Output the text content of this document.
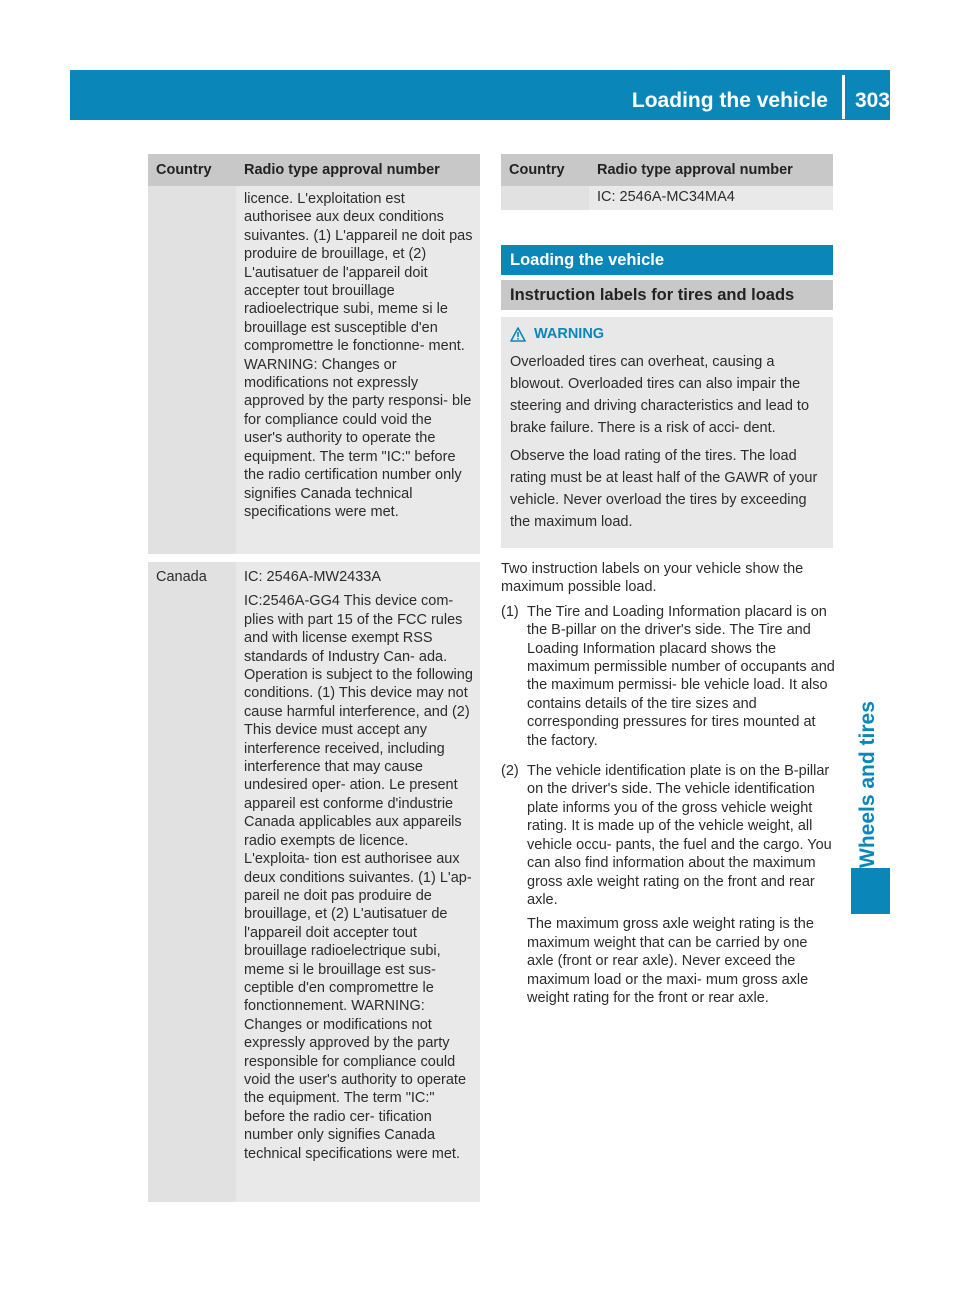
Loading the vehicle 303
Wheels and tires
Country	Radio type approval number

	licence. L'exploitation est authorisee aux deux conditions suivantes. (1) L'appareil ne doit pas produire de brouillage, et (2) L'autisatuer de l'appareil doit accepter tout brouillage radioelectrique subi, meme si le brouillage est susceptible d'en compromettre le fonctionne- ment. WARNING: Changes or modifications not expressly approved by the party responsi- ble for compliance could void the user's authority to operate the equipment. The term "IC:" before the radio certification number only signifies Canada technical specifications were met.

Canada	IC: 2546A-MW2433A
IC:2546A-GG4 This device com- plies with part 15 of the FCC rules and with license exempt RSS standards of Industry Can- ada. Operation is subject to the following conditions. (1) This device may not cause harmful interference, and (2) This device must accept any interference received, including interference that may cause undesired oper- ation. Le present appareil est conforme d'industrie Canada applicables aux appareils radio exempts de licence. L'exploita- tion est authorisee aux deux conditions suivantes. (1) L'ap- pareil ne doit pas produire de brouillage, et (2) L'autisatuer de l'appareil doit accepter tout brouillage radioelectrique subi, meme si le brouillage est sus- ceptible d'en compromettre le fonctionnement. WARNING: Changes or modifications not expressly approved by the party responsible for compliance could void the user's authority to operate the equipment. The term "IC:" before the radio cer- tification number only signifies Canada technical specifications were met.
Country	Radio type approval number
	IC: 2546A-MC34MA4
Loading the vehicle
Instruction labels for tires and loads
WARNING

Overloaded tires can overheat, causing a blowout. Overloaded tires can also impair the steering and driving characteristics and lead to brake failure. There is a risk of acci- dent.

Observe the load rating of the tires. The load rating must be at least half of the GAWR of your vehicle. Never overload the tires by exceeding the maximum load.

Two instruction labels on your vehicle show the maximum possible load.

(1) The Tire and Loading Information placard is on the B-pillar on the driver's side. The Tire and Loading Information placard shows the maximum permissible number of occupants and the maximum permissi- ble vehicle load. It also contains details of the tire sizes and corresponding pressures for tires mounted at the factory.

(2) The vehicle identification plate is on the B-pillar on the driver's side. The vehicle identification plate informs you of the gross vehicle weight rating. It is made up of the vehicle weight, all vehicle occu- pants, the fuel and the cargo. You can also find information about the maximum gross axle weight rating on the front and rear axle.

The maximum gross axle weight rating is the maximum weight that can be carried by one axle (front or rear axle). Never exceed the maximum load or the maxi- mum gross axle weight rating for the front or rear axle.
